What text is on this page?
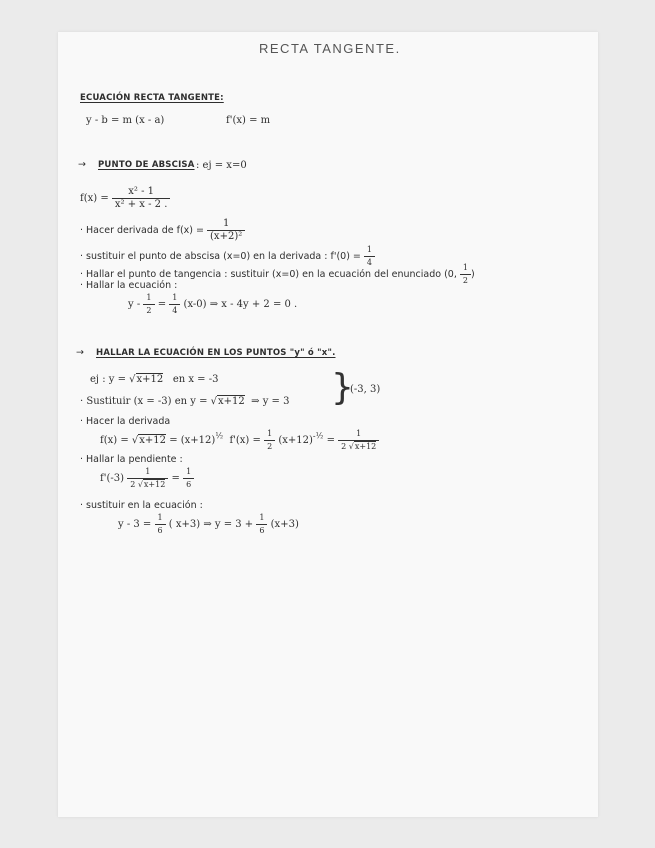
RECTA TANGENTE.
ECUACIÓN RECTA TANGENTE:
y - b = m (x - a)	f'(x) = m
→ PUNTO DE ABSCISA : ej = x=0
$f(x) = \frac{\text{x² - 1}}{\text{x² + x - 2 .}}$
· Hacer derivada de $f(x) = \frac{1}{\text{(x+2)²}}$
· sustituir el punto de abscisa (x=0) en la derivada : $f'(0) = \frac{1}{4}$
· Hallar el punto de tangencia : sustituir (x=0) en la ecuación del enunciado (0, $\frac{1}{2}$ )
· Hallar la ecuación :
$y - \frac{1}{2} = \frac{1}{4} (x-0)$ ⇒ x - 4y + 2 = 0 .
→ HALLAR LA ECUACIÓN EN LOS PUNTOS "y" ó "x".
ej : y = √x+12 en x = -3	}
(-3, 3)
· Sustituir (x = -3) en y = √x+12 ⇒ y = 3
· Hacer la derivada
$f(x) = √x+12 = (x+12)^{\frac{1}{2}}$ $f'(x) = \frac{1}{2} (x+12)^{-\frac{1}{2}} = \frac{1}{2 √x+12}$
· Hallar la pendiente :
$f'(-3) \frac{1}{2 √x+12} = \frac{1}{6}$
· sustituir en la ecuación :
$y - 3 = \frac{1}{6}$ ( x+3) ⇒ $y = 3 + \frac{1}{6} (x+3)$
